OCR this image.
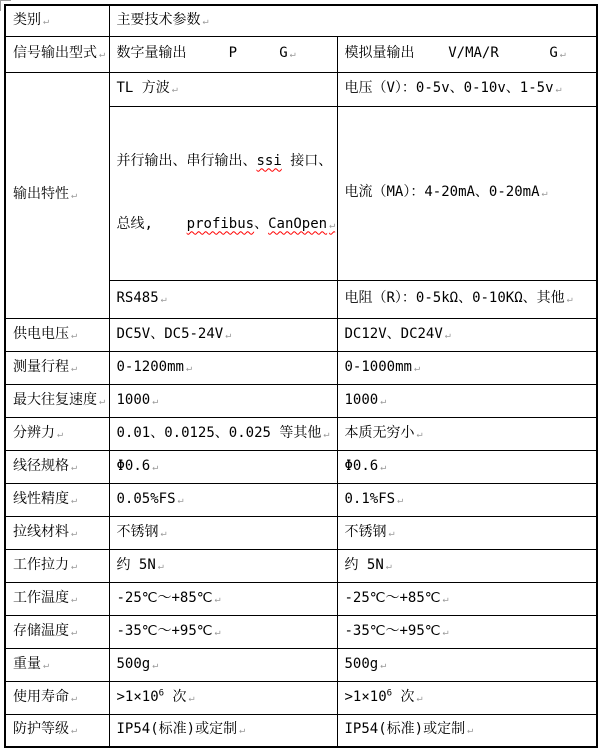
类别 ↵	主要技术参数 ↵
信号输出型式 ↵	数字量输出     P     G ↵	模拟量输出    V/MA/R      G ↵
输出特性 ↵	TL 方波 ↵	电压（V）：0-5v、0-10v、1-5v ↵

	并行输出、串行输出、ssi 接口、

总线,    profibus、CanOpen ↵	电流（MA）：4-20mA、0-20mA ↵
	RS485 ↵	电阻（R）：0-5kΩ、0-10KΩ、其他 ↵
供电电压 ↵	DC5V、DC5-24V ↵	DC12V、DC24V ↵
测量行程 ↵	0-1200mm ↵	0-1000mm ↵
最大往复速度 ↵	1000 ↵	1000 ↵
分辨力 ↵	0.01、0.0125、0.025 等其他 ↵	本质无穷小 ↵
线径规格 ↵	Φ0.6 ↵	Φ0.6 ↵
线性精度 ↵	0.05%FS ↵	0.1%FS ↵
拉线材料 ↵	不锈钢 ↵	不锈钢 ↵
工作拉力 ↵	约 5N ↵	约 5N ↵
工作温度 ↵	-25℃～+85℃ ↵	-25℃～+85℃ ↵
存储温度 ↵	-35℃～+95℃ ↵	-35℃～+95℃ ↵
重量 ↵	500g ↵	500g ↵
使用寿命 ↵	$>1\times 10^6$ 次 ↵	$>1\times 10^6$ 次 ↵
防护等级 ↵	IP54(标准)或定制 ↵	IP54(标准)或定制 ↵
